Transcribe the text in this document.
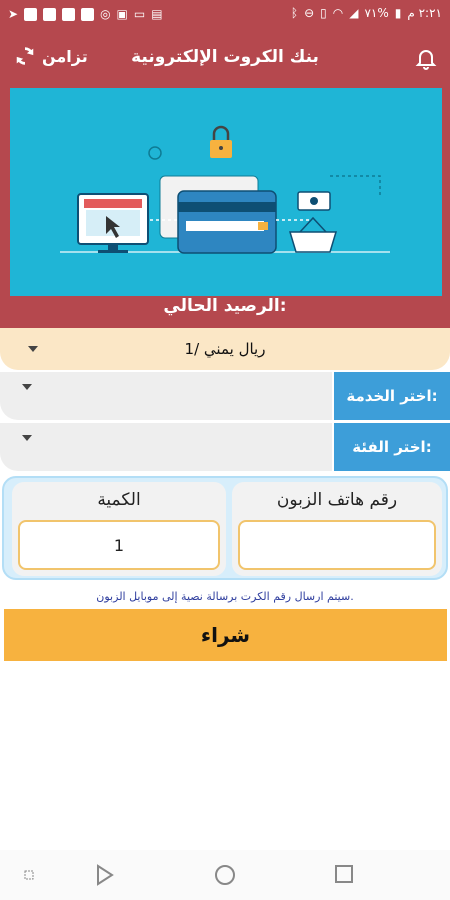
➤	◎ ▣ ▭ ▤	ᛒ ⊖ ▯ ◠ ◢ ٧١% ▮ ٢:٢١ م
تزامن	بنك الكروت الإلكترونية
الرصيد الحالي:
1/ ريال يمني
اختر الخدمة:
اختر الفئة:
رقم هاتف الزبون
الكمية
1
سيتم ارسال رقم الكرت برسالة نصية إلى موبايل الزبون.
شراء
